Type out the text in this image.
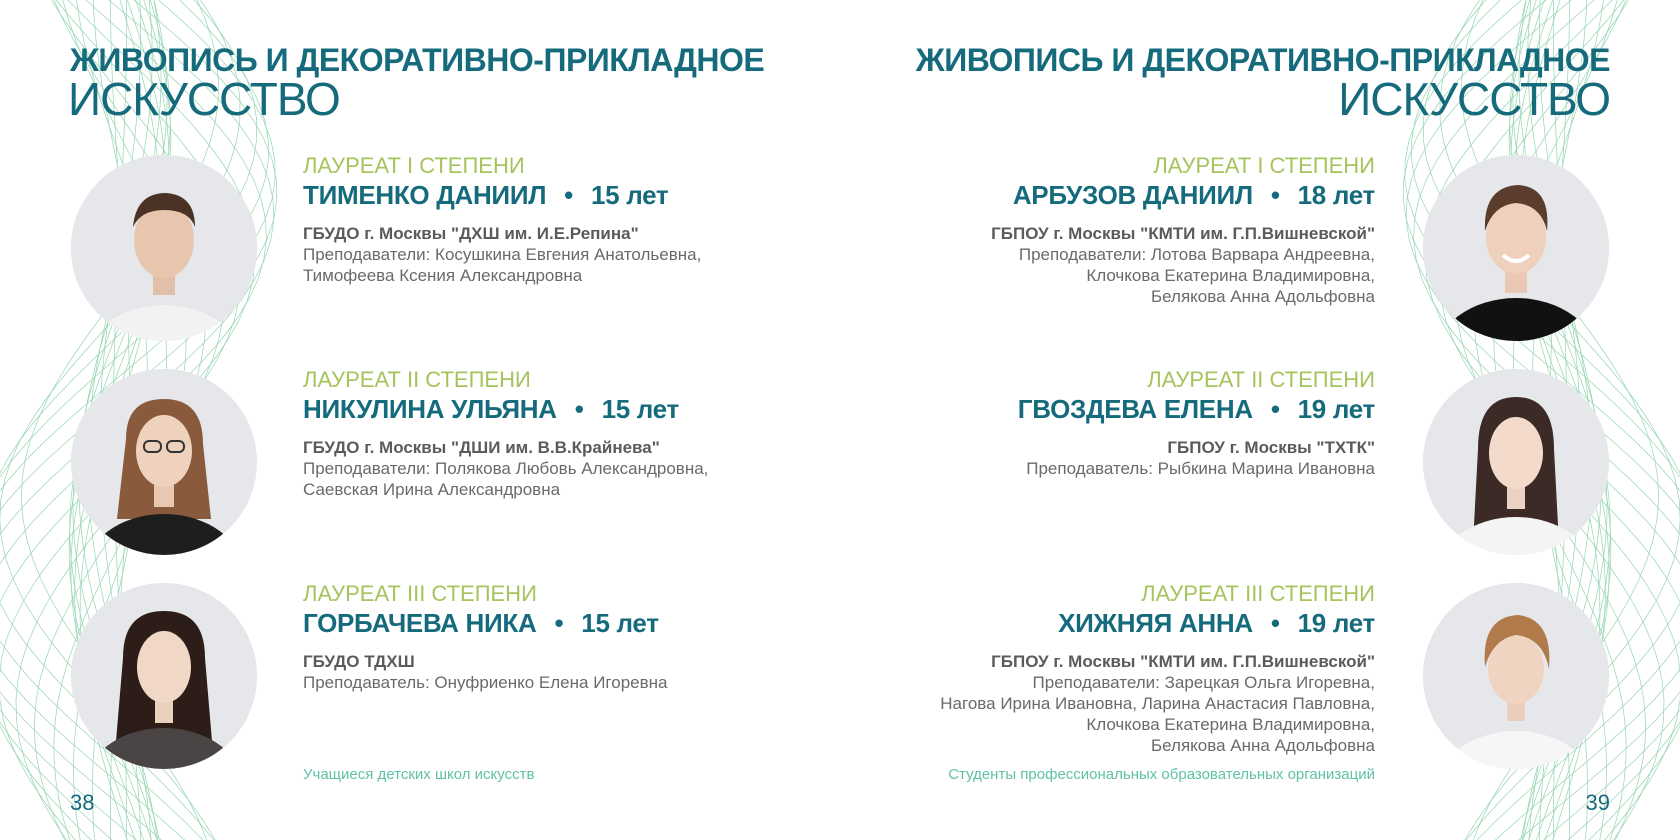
ЖИВОПИСЬ И ДЕКОРАТИВНО-ПРИКЛАДНОЕ
ИСКУССТВО
ЛАУРЕАТ I СТЕПЕНИ
ТИМЕНКО ДАНИИЛ • 15 лет
ГБУДО г. Москвы "ДХШ им. И.Е.Репина"
Преподаватели: Косушкина Евгения Анатольевна,
Тимофеева Ксения Александровна
ЛАУРЕАТ II СТЕПЕНИ
НИКУЛИНА УЛЬЯНА • 15 лет
ГБУДО г. Москвы "ДШИ им. В.В.Крайнева"
Преподаватели: Полякова Любовь Александровна,
Саевская Ирина Александровна
ЛАУРЕАТ III СТЕПЕНИ
ГОРБАЧЕВА НИКА • 15 лет
ГБУДО ТДХШ
Преподаватель: Онуфриенко Елена Игоревна
Учащиеся детских школ искусств
38
ЖИВОПИСЬ И ДЕКОРАТИВНО-ПРИКЛАДНОЕ
ИСКУССТВО
ЛАУРЕАТ I СТЕПЕНИ
АРБУЗОВ ДАНИИЛ • 18 лет
ГБПОУ г. Москвы "КМТИ им. Г.П.Вишневской"
Преподаватели: Лотова Варвара Андреевна,
Клочкова Екатерина Владимировна,
Белякова Анна Адольфовна
ЛАУРЕАТ II СТЕПЕНИ
ГВОЗДЕВА ЕЛЕНА • 19 лет
ГБПОУ г. Москвы "ТХТК"
Преподаватель: Рыбкина Марина Ивановна
ЛАУРЕАТ III СТЕПЕНИ
ХИЖНЯЯ АННА • 19 лет
ГБПОУ г. Москвы "КМТИ им. Г.П.Вишневской"
Преподаватели: Зарецкая Ольга Игоревна,
Нагова Ирина Ивановна, Ларина Анастасия Павловна,
Клочкова Екатерина Владимировна,
Белякова Анна Адольфовна
Студенты профессиональных образовательных организаций
39
